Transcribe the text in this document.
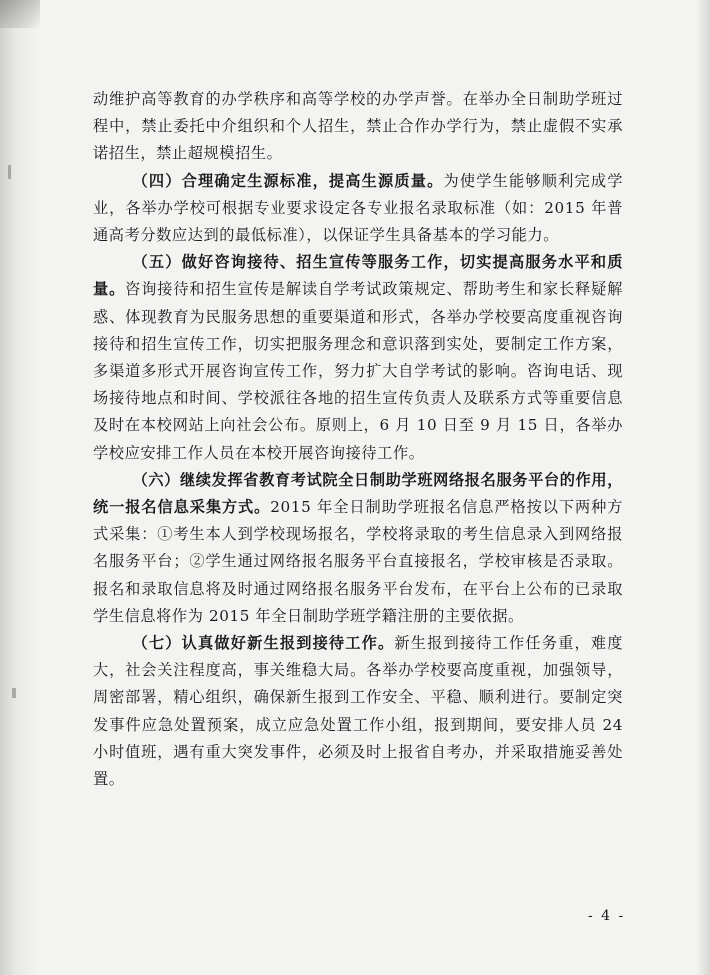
动维护高等教育的办学秩序和高等学校的办学声誉。在举办全日制助学班过程中，禁止委托中介组织和个人招生，禁止合作办学行为，禁止虚假不实承诺招生，禁止超规模招生。

（四）合理确定生源标准，提高生源质量。为使学生能够顺利完成学业，各举办学校可根据专业要求设定各专业报名录取标准（如：2015 年普通高考分数应达到的最低标准），以保证学生具备基本的学习能力。

（五）做好咨询接待、招生宣传等服务工作，切实提高服务水平和质量。咨询接待和招生宣传是解读自学考试政策规定、帮助考生和家长释疑解惑、体现教育为民服务思想的重要渠道和形式，各举办学校要高度重视咨询接待和招生宣传工作，切实把服务理念和意识落到实处，要制定工作方案，多渠道多形式开展咨询宣传工作，努力扩大自学考试的影响。咨询电话、现场接待地点和时间、学校派往各地的招生宣传负责人及联系方式等重要信息及时在本校网站上向社会公布。原则上，6 月 10 日至 9 月 15 日，各举办学校应安排工作人员在本校开展咨询接待工作。

（六）继续发挥省教育考试院全日制助学班网络报名服务平台的作用，统一报名信息采集方式。2015 年全日制助学班报名信息严格按以下两种方式采集：①考生本人到学校现场报名，学校将录取的考生信息录入到网络报名服务平台；②学生通过网络报名服务平台直接报名，学校审核是否录取。报名和录取信息将及时通过网络报名服务平台发布，在平台上公布的已录取学生信息将作为 2015 年全日制助学班学籍注册的主要依据。

（七）认真做好新生报到接待工作。新生报到接待工作任务重，难度大，社会关注程度高，事关维稳大局。各举办学校要高度重视，加强领导，周密部署，精心组织，确保新生报到工作安全、平稳、顺利进行。要制定突发事件应急处置预案，成立应急处置工作小组，报到期间，要安排人员 24 小时值班，遇有重大突发事件，必须及时上报省自考办，并采取措施妥善处置。

- 4 -
